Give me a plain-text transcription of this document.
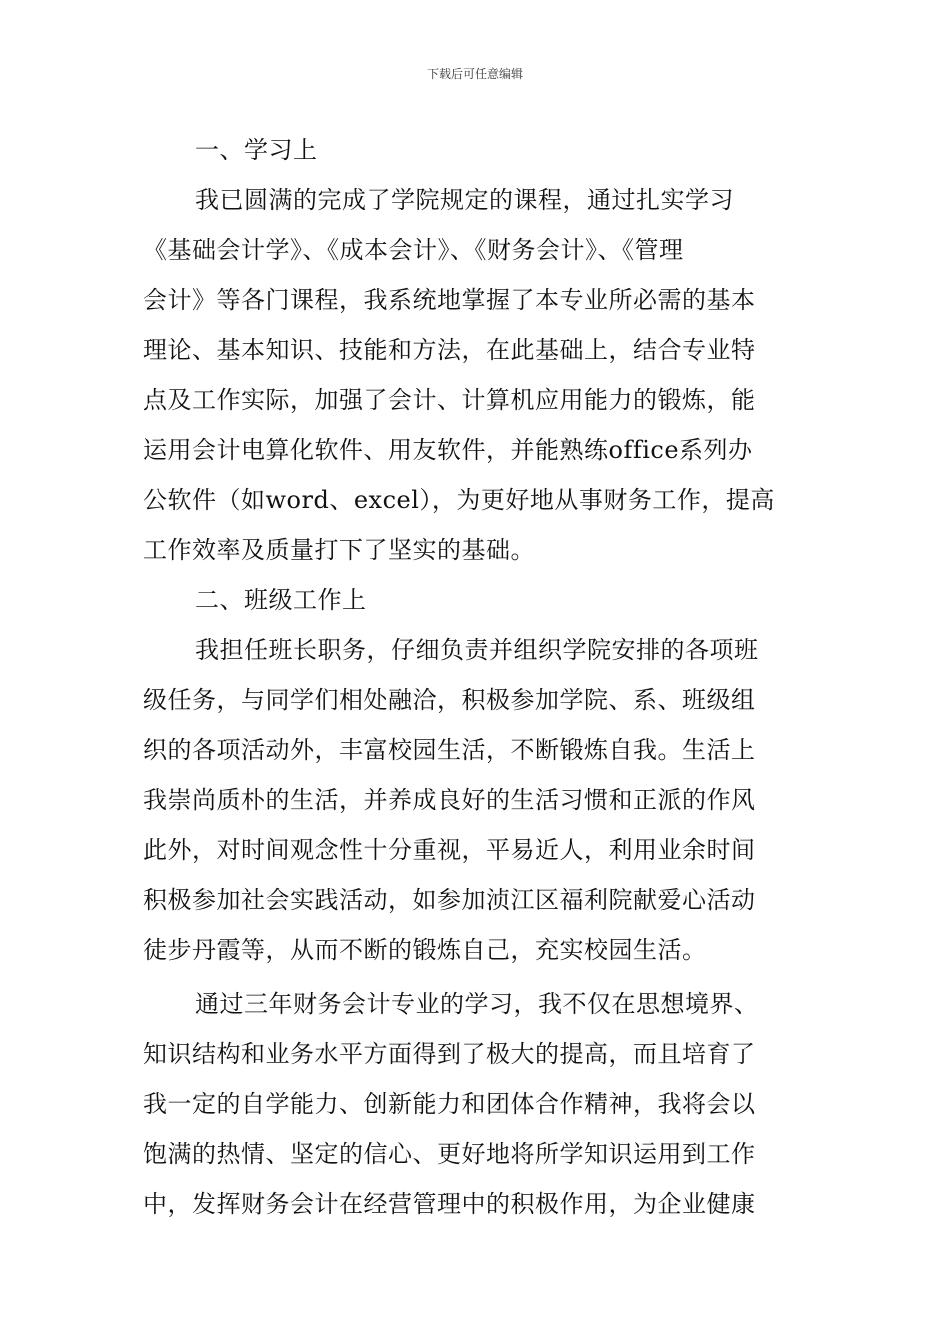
下载后可任意编辑
一、学习上
我已圆满的完成了学院规定的课程，通过扎实学习
《基础会计学》、《成本会计》、《财务会计》、《管理
会计》等各门课程，我系统地掌握了本专业所必需的基本
理论、基本知识、技能和方法，在此基础上，结合专业特
点及工作实际，加强了会计、计算机应用能力的锻炼，能
运用会计电算化软件、用友软件，并能熟练office系列办
公软件（如word、excel），为更好地从事财务工作，提高
工作效率及质量打下了坚实的基础。
二、班级工作上
我担任班长职务，仔细负责并组织学院安排的各项班
级任务，与同学们相处融洽，积极参加学院、系、班级组
织的各项活动外，丰富校园生活，不断锻炼自我。生活上
我崇尚质朴的生活，并养成良好的生活习惯和正派的作风
此外，对时间观念性十分重视，平易近人，利用业余时间
积极参加社会实践活动，如参加浈江区福利院献爱心活动
徒步丹霞等，从而不断的锻炼自己，充实校园生活。
通过三年财务会计专业的学习，我不仅在思想境界、
知识结构和业务水平方面得到了极大的提高，而且培育了
我一定的自学能力、创新能力和团体合作精神，我将会以
饱满的热情、坚定的信心、更好地将所学知识运用到工作
中，发挥财务会计在经营管理中的积极作用，为企业健康
